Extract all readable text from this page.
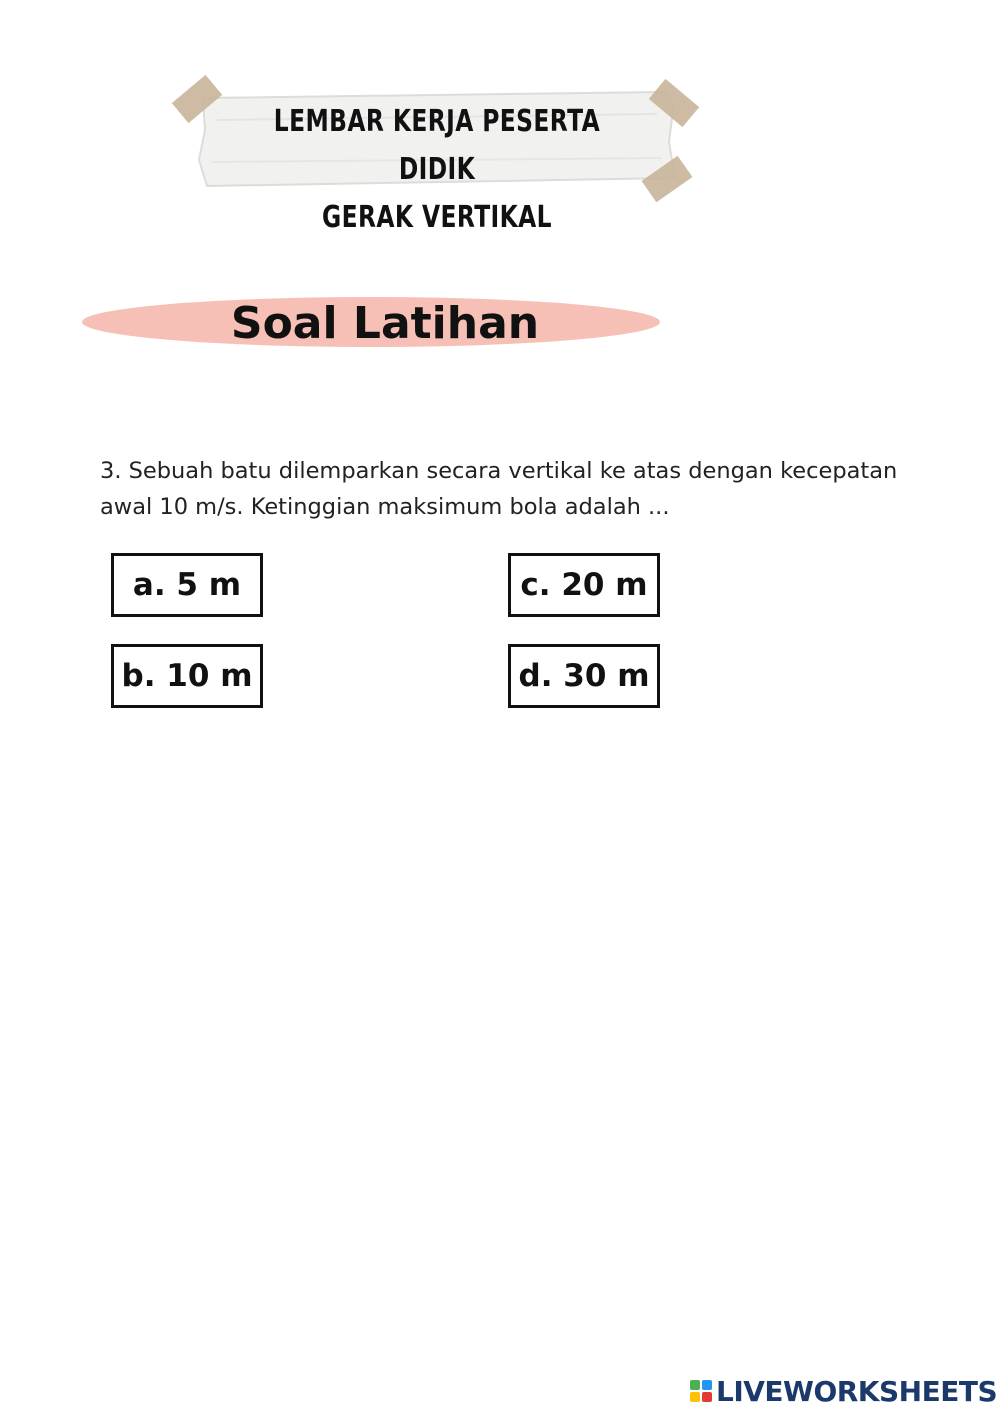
LEMBAR KERJA PESERTA DIDIK
GERAK VERTIKAL
Soal Latihan
3. Sebuah batu dilemparkan secara vertikal ke atas dengan kecepatan awal 10 m/s. Ketinggian maksimum bola adalah ...
a. 5 m
b. 10 m
c. 20 m
d. 30 m
LIVEWORKSHEETS
